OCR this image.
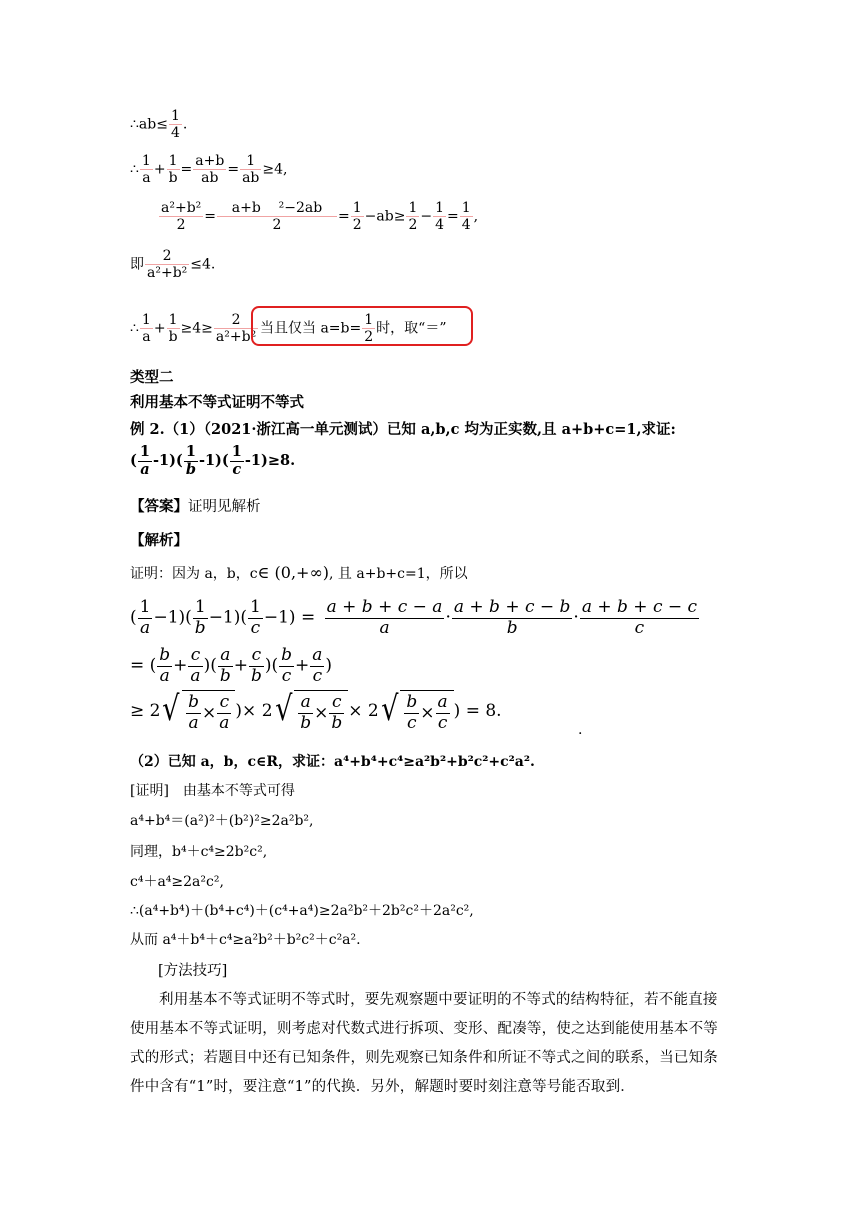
∴ab≤ $\frac{1}{4}$ .
∴ $\frac{1}{a} + \frac{1}{b} = \frac{a+b}{ab} = \frac{1}{ab} \ge 4$,
$\frac{\text{a²+b²}}{2} = \frac{\text{a+b    ²−2ab}}{2} = \frac{1}{2} -ab\ge \frac{1}{2} - \frac{1}{4} = \frac{1}{4}$ ,
即 $\frac{2}{\text{a²+b²}} \le 4$.
∴ $\frac{1}{a} + \frac{1}{b} \ge 4\ge \frac{2}{\text{a²+b²}}$ 当且仅当 $a=b= \frac{1}{2}$ 时，取“＝”
类型二
利用基本不等式证明不等式
例 2.（1）（2021·浙江高一单元测试）已知 a,b,c 均为正实数,且 a+b+c=1,求证:
( $\frac{1}{a} -1)( \frac{1}{b} -1)( \frac{1}{c} -1)\ge 8$.
【答案】证明见解析
【解析】
证明：因为 a，b，c∈ (0,+∞), 且 a+b+c=1，所以
( $\frac{1}{a} -1)( \frac{1}{b} -1)( \frac{1}{c} -1) = \frac{a + b + c - a}{a} \cdot \frac{a + b + c - b}{b} \cdot \frac{a + b + c - c}{c}$
= ( $\frac{b}{a} + \frac{c}{a}$ )( $\frac{a}{b} + \frac{c}{b}$ )( $\frac{b}{c} + \frac{a}{c}$ )
≥ 2 √ $\frac{b}{a} \times \frac{c}{a}$ )× 2 √ $\frac{a}{b} \times \frac{c}{b} \times 2$ √ $\frac{b}{c} \times \frac{a}{c}$ ) = 8.
.
（2）已知 a，b，c∈R，求证：a⁴+b⁴+c⁴≥a²b²+b²c²+c²a².
[证明]　由基本不等式可得
a⁴+b⁴＝(a²)²＋(b²)²≥2a²b²,
同理，b⁴＋c⁴≥2b²c²,
c⁴＋a⁴≥2a²c²,
∴(a⁴+b⁴)＋(b⁴+c⁴)＋(c⁴+a⁴)≥2a²b²＋2b²c²＋2a²c²,
从而 a⁴＋b⁴＋c⁴≥a²b²＋b²c²＋c²a².
[方法技巧]
利用基本不等式证明不等式时，要先观察题中要证明的不等式的结构特征，若不能直接使用基本不等式证明，则考虑对代数式进行拆项、变形、配凑等，使之达到能使用基本不等式的形式；若题目中还有已知条件，则先观察已知条件和所证不等式之间的联系，当已知条件中含有“1”时，要注意“1”的代换．另外，解题时要时刻注意等号能否取到．
